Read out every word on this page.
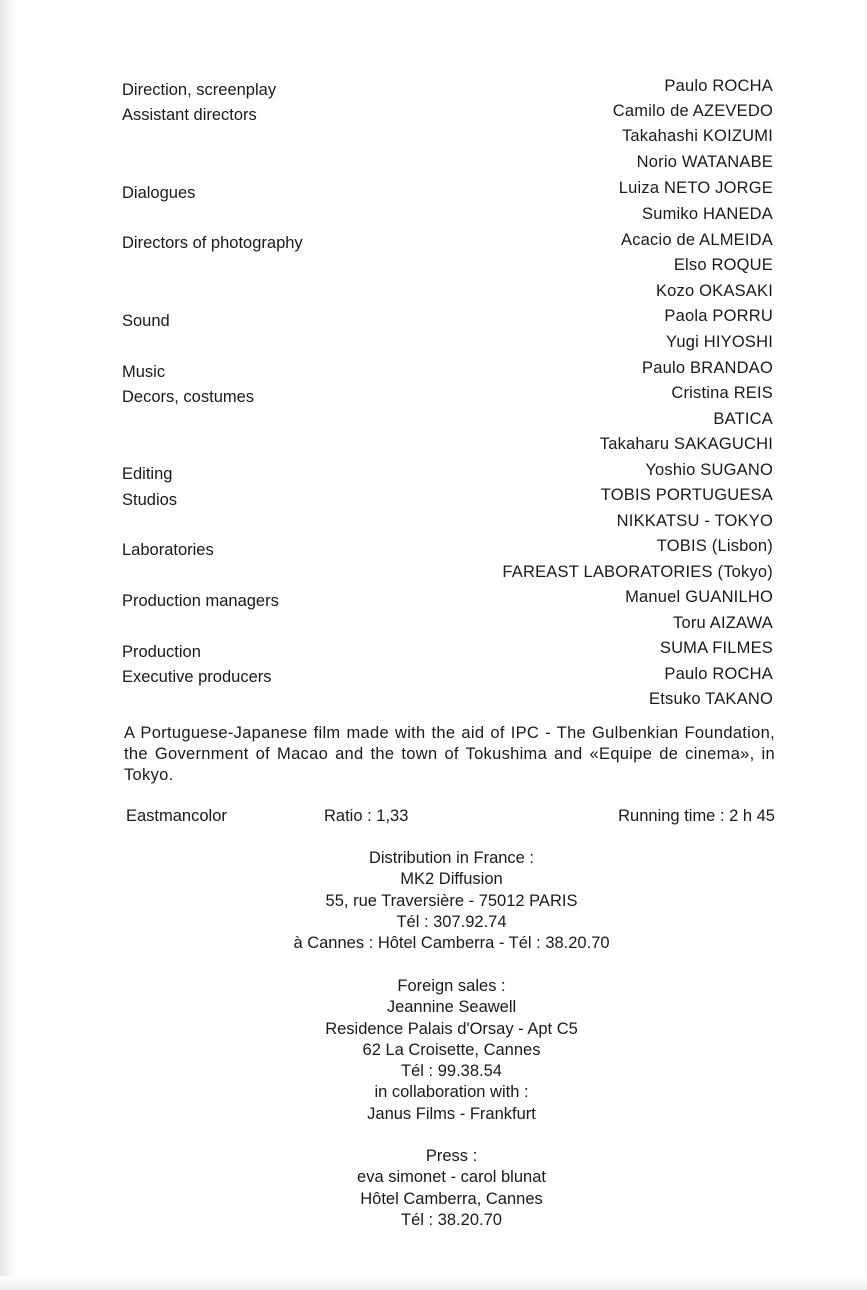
Direction, screenplay
Assistant directors
Dialogues
Directors of photography
Sound
Music
Decors, costumes
Editing
Studios
Laboratories
Production managers
Production
Executive producers
Paulo ROCHA
Camilo de AZEVEDO
Takahashi KOIZUMI
Norio WATANABE
Luiza NETO JORGE
Sumiko HANEDA
Acacio de ALMEIDA
Elso ROQUE
Kozo OKASAKI
Paola PORRU
Yugi HIYOSHI
Paulo BRANDAO
Cristina REIS
BATICA
Takaharu SAKAGUCHI
Yoshio SUGANO
TOBIS PORTUGUESA
NIKKATSU - TOKYO
TOBIS (Lisbon)
FAREAST LABORATORIES (Tokyo)
Manuel GUANILHO
Toru AIZAWA
SUMA FILMES
Paulo ROCHA
Etsuko TAKANO
A Portuguese-Japanese film made with the aid of IPC - The Gulbenkian Foundation, the Government of Macao and the town of Tokushima and «Equipe de cinema», in Tokyo.
Eastmancolor	Ratio : 1,33	Running time : 2 h 45
Distribution in France :
MK2 Diffusion
55, rue Traversière - 75012 PARIS
Tél : 307.92.74
à Cannes : Hôtel Camberra - Tél : 38.20.70
Foreign sales :
Jeannine Seawell
Residence Palais d'Orsay - Apt C5
62 La Croisette, Cannes
Tél : 99.38.54
in collaboration with :
Janus Films - Frankfurt
Press :
eva simonet - carol blunat
Hôtel Camberra, Cannes
Tél : 38.20.70
